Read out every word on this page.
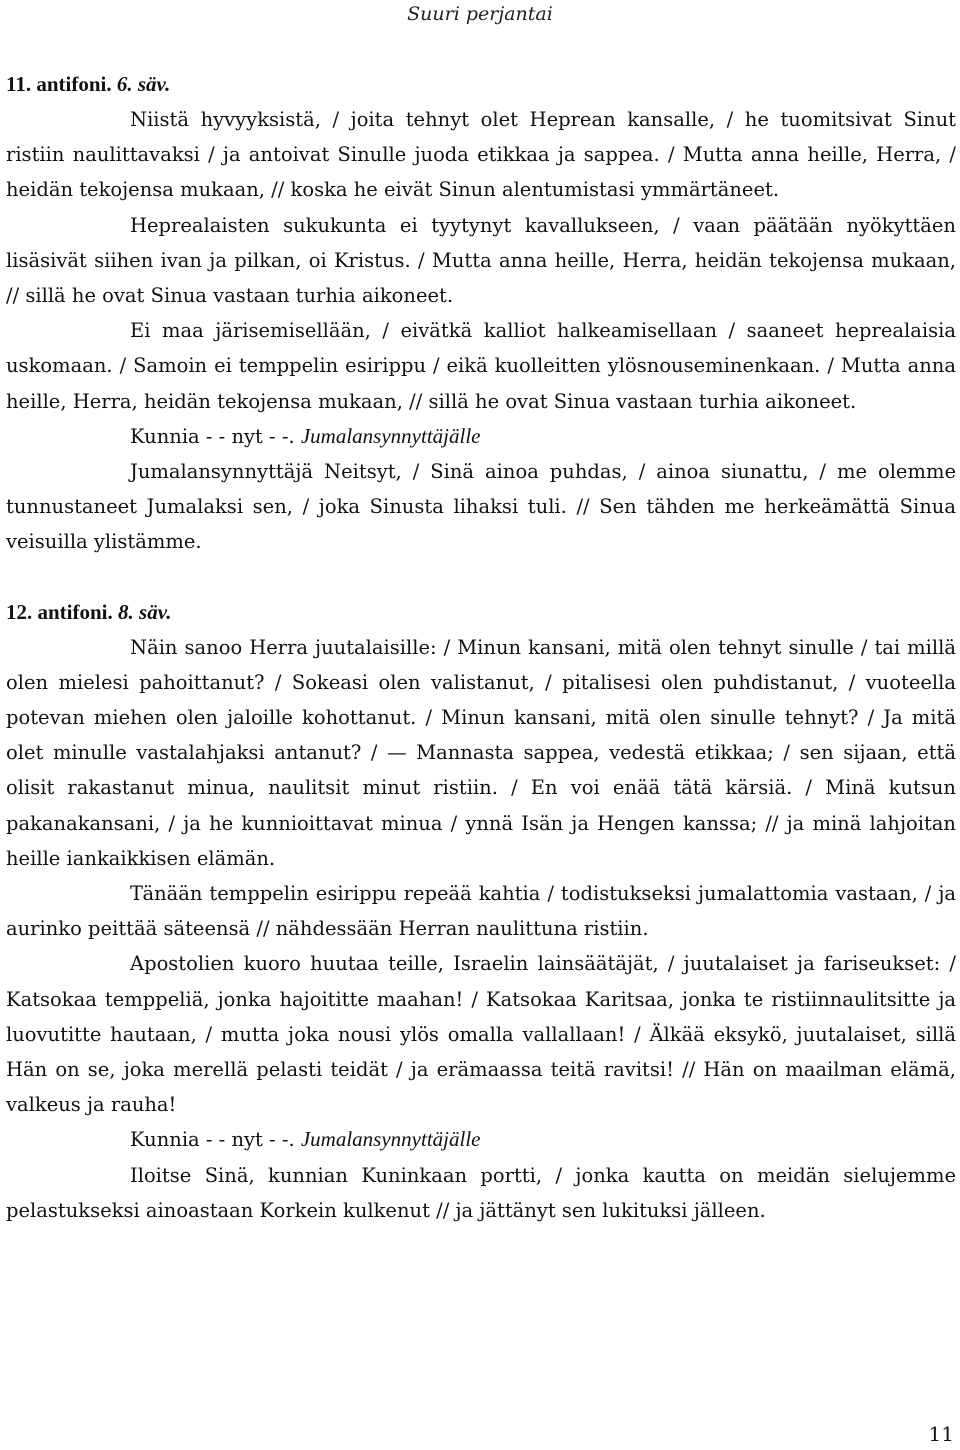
Suuri perjantai

11. antifoni. 6. säv.

Niistä hyvyyksistä, / joita tehnyt olet Heprean kansalle, / he tuomitsivat Sinut ristiin naulittavaksi / ja antoivat Sinulle juoda etikkaa ja sappea. / Mutta anna heille, Herra, / heidän tekojensa mukaan, // koska he eivät Sinun alentumistasi ymmärtäneet.

Heprealaisten sukukunta ei tyytynyt kavallukseen, / vaan päätään nyökyttäen lisäsivät siihen ivan ja pilkan, oi Kristus. / Mutta anna heille, Herra, heidän tekojensa mukaan, // sillä he ovat Sinua vastaan turhia aikoneet.

Ei maa järisemisellään, / eivätkä kalliot halkeamisellaan / saaneet heprealaisia uskomaan. / Samoin ei temppelin esirippu / eikä kuolleitten ylösnouseminenkaan. / Mutta anna heille, Herra, heidän tekojensa mukaan, // sillä he ovat Sinua vastaan turhia aikoneet.

Kunnia - - nyt - -. Jumalansynnyttäjälle

Jumalansynnyttäjä Neitsyt, / Sinä ainoa puhdas, / ainoa siunattu, / me olemme tunnustaneet Jumalaksi sen, / joka Sinusta lihaksi tuli. // Sen tähden me herkeämättä Sinua veisuilla ylistämme.

12. antifoni. 8. säv.

Näin sanoo Herra juutalaisille: / Minun kansani, mitä olen tehnyt sinulle / tai millä olen mielesi pahoittanut? / Sokeasi olen valistanut, / pitalisesi olen puhdistanut, / vuoteella potevan miehen olen jaloille kohottanut. / Minun kansani, mitä olen sinulle tehnyt? / Ja mitä olet minulle vastalahjaksi antanut? / — Mannasta sappea, vedestä etikkaa; / sen sijaan, että olisit rakastanut minua, naulitsit minut ristiin. / En voi enää tätä kärsiä. / Minä kutsun pakanakansani, / ja he kunnioittavat minua / ynnä Isän ja Hengen kanssa; // ja minä lahjoitan heille iankaikkisen elämän.

Tänään temppelin esirippu repeää kahtia / todistukseksi jumalattomia vastaan, / ja aurinko peittää säteensä // nähdessään Herran naulittuna ristiin.

Apostolien kuoro huutaa teille, Israelin lainsäätäjät, / juutalaiset ja fariseukset: / Katsokaa temppeliä, jonka hajoititte maahan! / Katsokaa Karitsaa, jonka te ristiinnaulitsitte ja luovutitte hautaan, / mutta joka nousi ylös omalla vallallaan! / Älkää eksykö, juutalaiset, sillä Hän on se, joka merellä pelasti teidät / ja erämaassa teitä ravitsi! // Hän on maailman elämä, valkeus ja rauha!

Kunnia - - nyt - -. Jumalansynnyttäjälle

Iloitse Sinä, kunnian Kuninkaan portti, / jonka kautta on meidän sielujemme pelastukseksi ainoastaan Korkein kulkenut // ja jättänyt sen lukituksi jälleen.

11
